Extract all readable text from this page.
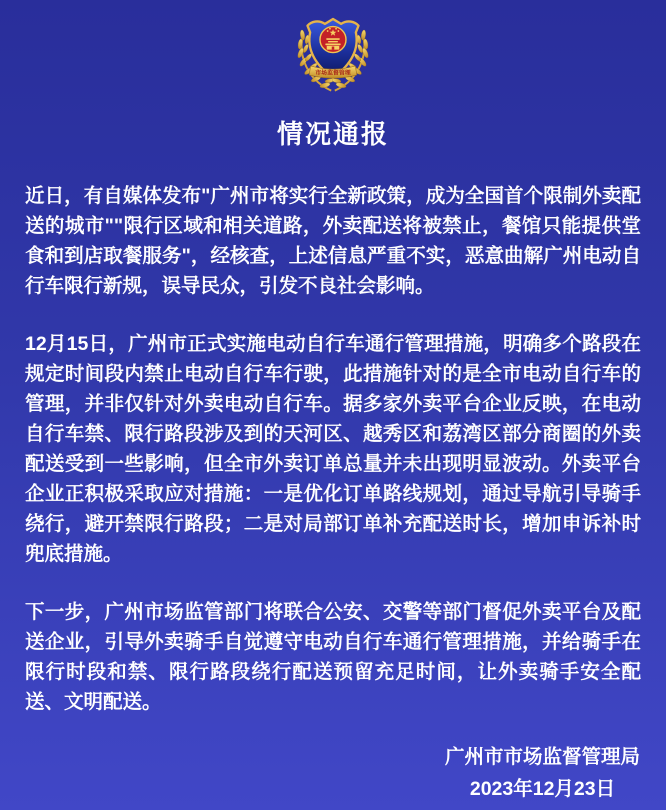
市场监督管理
情况通报

近日，有自媒体发布"广州市将实行全新政策，成为全国首个限制外卖配送的城市""限行区域和相关道路，外卖配送将被禁止，餐馆只能提供堂食和到店取餐服务"，经核查，上述信息严重不实，恶意曲解广州电动自行车限行新规，误导民众，引发不良社会影响。

12月15日，广州市正式实施电动自行车通行管理措施，明确多个路段在规定时间段内禁止电动自行车行驶，此措施针对的是全市电动自行车的管理，并非仅针对外卖电动自行车。据多家外卖平台企业反映，在电动自行车禁、限行路段涉及到的天河区、越秀区和荔湾区部分商圈的外卖配送受到一些影响，但全市外卖订单总量并未出现明显波动。外卖平台企业正积极采取应对措施：一是优化订单路线规划，通过导航引导骑手绕行，避开禁限行路段；二是对局部订单补充配送时长，增加申诉补时兜底措施。

下一步，广州市场监管部门将联合公安、交警等部门督促外卖平台及配送企业，引导外卖骑手自觉遵守电动自行车通行管理措施，并给骑手在限行时段和禁、限行路段绕行配送预留充足时间，让外卖骑手安全配送、文明配送。

广州市市场监督管理局
2023年12月23日
